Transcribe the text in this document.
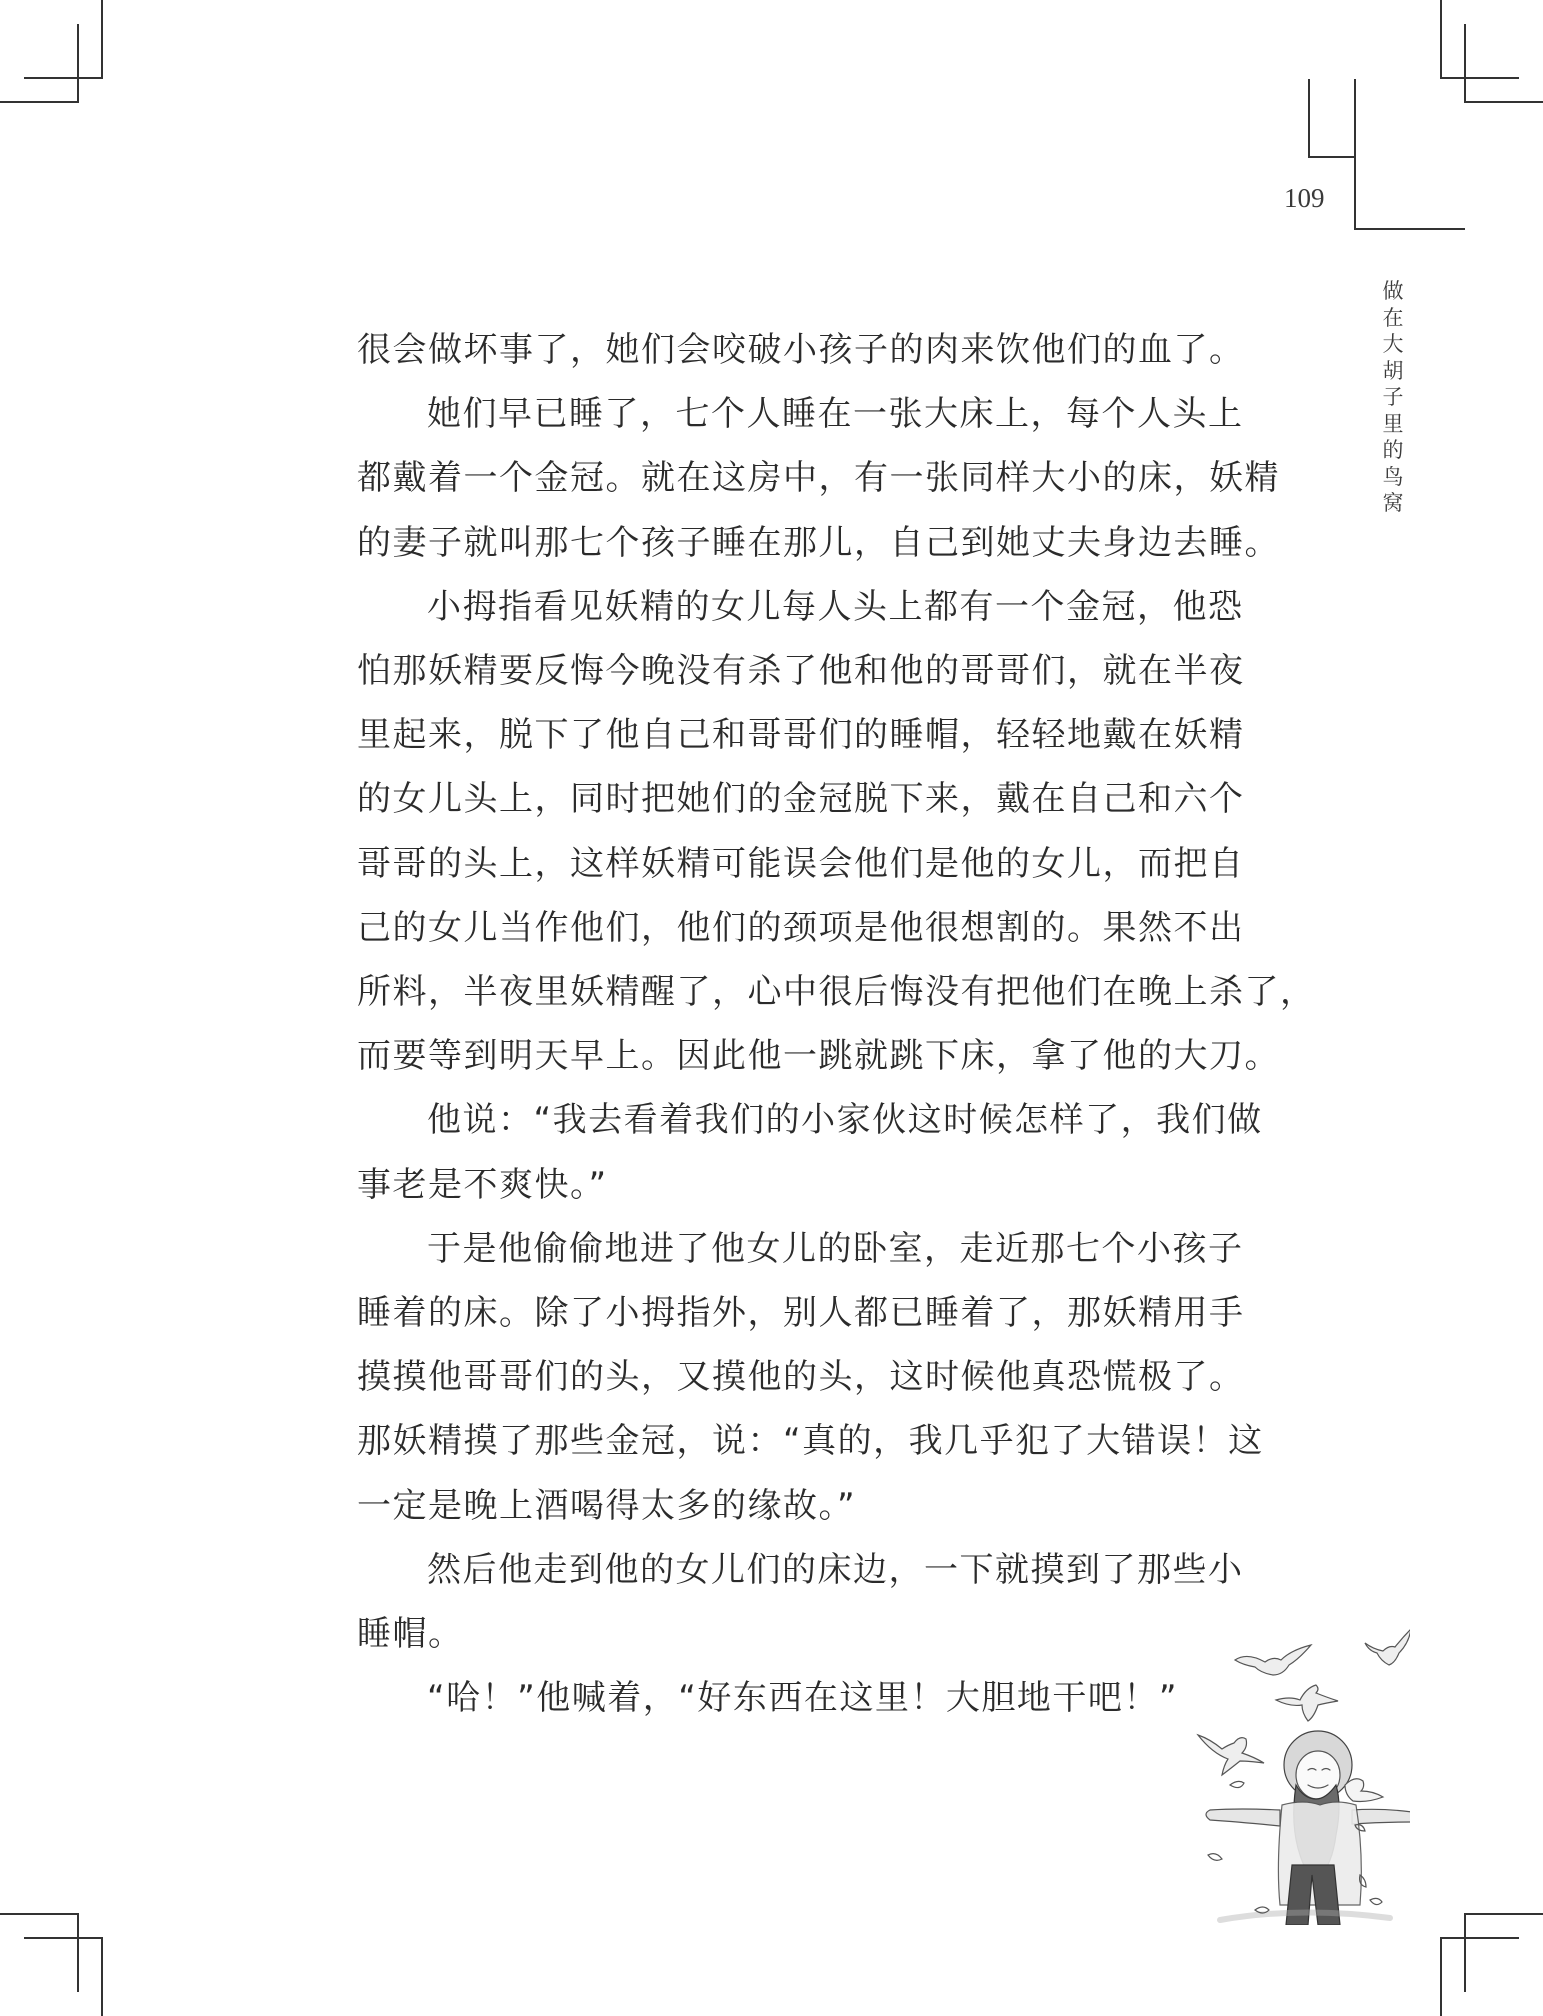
109
做
在
大
胡
子
里
的
鸟
窝

很会做坏事了，她们会咬破小孩子的肉来饮他们的血了。

她们早已睡了，七个人睡在一张大床上，每个人头上
都戴着一个金冠。就在这房中，有一张同样大小的床，妖精
的妻子就叫那七个孩子睡在那儿，自己到她丈夫身边去睡。

小拇指看见妖精的女儿每人头上都有一个金冠，他恐
怕那妖精要反悔今晚没有杀了他和他的哥哥们，就在半夜
里起来，脱下了他自己和哥哥们的睡帽，轻轻地戴在妖精
的女儿头上，同时把她们的金冠脱下来，戴在自己和六个
哥哥的头上，这样妖精可能误会他们是他的女儿，而把自
己的女儿当作他们，他们的颈项是他很想割的。果然不出
所料，半夜里妖精醒了，心中很后悔没有把他们在晚上杀了，
而要等到明天早上。因此他一跳就跳下床，拿了他的大刀。

他说：“我去看着我们的小家伙这时候怎样了，我们做
事老是不爽快。”

于是他偷偷地进了他女儿的卧室，走近那七个小孩子
睡着的床。除了小拇指外，别人都已睡着了，那妖精用手
摸摸他哥哥们的头，又摸他的头，这时候他真恐慌极了。
那妖精摸了那些金冠，说：“真的，我几乎犯了大错误！这
一定是晚上酒喝得太多的缘故。”

然后他走到他的女儿们的床边，一下就摸到了那些小
睡帽。

“哈！”他喊着，“好东西在这里！大胆地干吧！”
